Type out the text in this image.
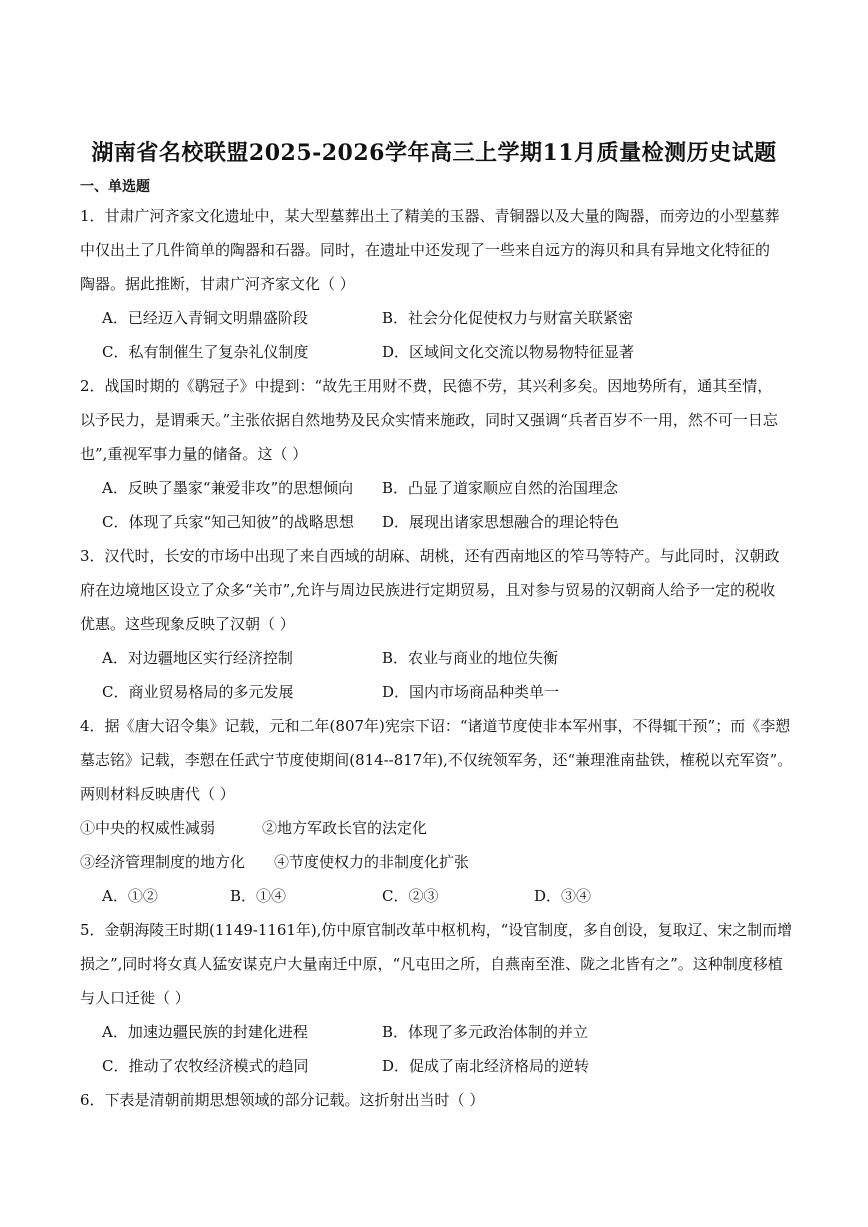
湖南省名校联盟2025-2026学年高三上学期11月质量检测历史试题
一、单选题
1．甘肃广河齐家文化遗址中，某大型墓葬出土了精美的玉器、青铜器以及大量的陶器，而旁边的小型墓葬
中仅出土了几件简单的陶器和石器。同时，在遗址中还发现了一些来自远方的海贝和具有异地文化特征的
陶器。据此推断，甘肃广河齐家文化（ ）
A．已经迈入青铜文明鼎盛阶段	B．社会分化促使权力与财富关联紧密
C．私有制催生了复杂礼仪制度	D．区域间文化交流以物易物特征显著
2．战国时期的《鹖冠子》中提到：“故先王用财不费，民德不劳，其兴利多矣。因地势所有，通其至情，
以予民力，是谓乘天。”主张依据自然地势及民众实情来施政，同时又强调“兵者百岁不一用，然不可一日忘
也”,重视军事力量的储备。这（ ）
A．反映了墨家“兼爱非攻”的思想倾向 B．凸显了道家顺应自然的治国理念
C．体现了兵家“知己知彼”的战略思想 D．展现出诸家思想融合的理论特色
3．汉代时，长安的市场中出现了来自西域的胡麻、胡桃，还有西南地区的笮马等特产。与此同时，汉朝政
府在边境地区设立了众多“关市”,允许与周边民族进行定期贸易，且对参与贸易的汉朝商人给予一定的税收
优惠。这些现象反映了汉朝（ ）
A．对边疆地区实行经济控制	B．农业与商业的地位失衡
C．商业贸易格局的多元发展	D．国内市场商品种类单一
4．据《唐大诏令集》记载，元和二年(807年)宪宗下诏：“诸道节度使非本军州事，不得辄干预”；而《李愬
墓志铭》记载，李愬在任武宁节度使期间(814--817年),不仅统领军务，还“兼理淮南盐铁，榷税以充军资”。
两则材料反映唐代（ ）
①中央的权威性减弱	②地方军政长官的法定化
③经济管理制度的地方化 ④节度使权力的非制度化扩张
A．①②	B．①④	C．②③	D．③④
5．金朝海陵王时期(1149-1161年),仿中原官制改革中枢机构，“设官制度，多自创设，复取辽、宋之制而增
损之”,同时将女真人猛安谋克户大量南迁中原，“凡屯田之所，自燕南至淮、陇之北皆有之”。这种制度移植
与人口迁徙（ ）
A．加速边疆民族的封建化进程	B．体现了多元政治体制的并立
C．推动了农牧经济模式的趋同	D．促成了南北经济格局的逆转
6．下表是清朝前期思想领域的部分记载。这折射出当时（ ）
